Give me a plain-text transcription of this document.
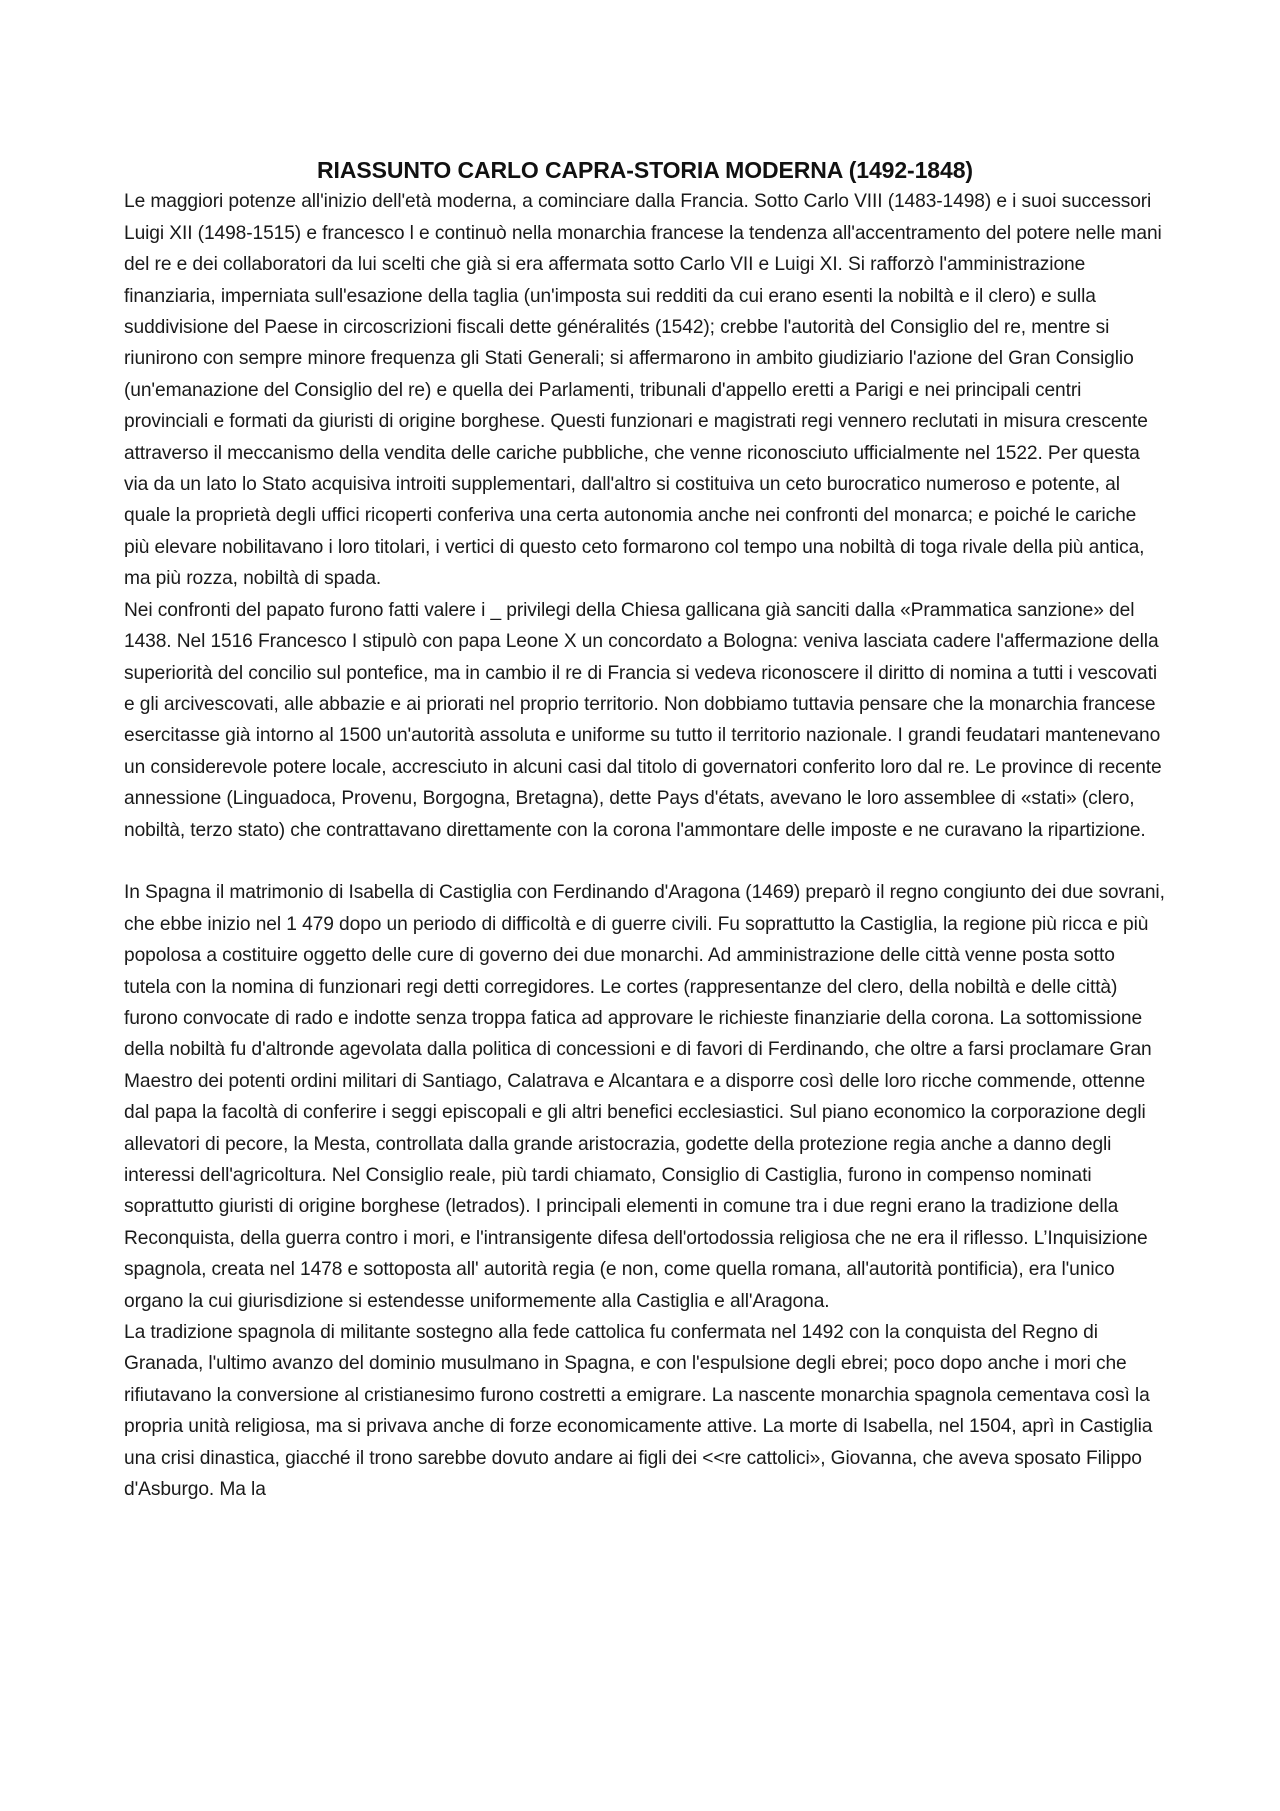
RIASSUNTO CARLO CAPRA-STORIA MODERNA (1492-1848)

Le maggiori potenze all'inizio dell'età moderna, a cominciare dalla Francia. Sotto Carlo VIII (1483-1498) e i suoi successori Luigi XII (1498-1515) e francesco l e continuò nella monarchia francese la tendenza all'accentramento del potere nelle mani del re e dei collaboratori da lui scelti che già si era affermata sotto Carlo VII e Luigi XI. Si rafforzò l'amministrazione finanziaria, imperniata sull'esazione della taglia (un'imposta sui redditi da cui erano esenti la nobiltà e il clero) e sulla suddivisione del Paese in circoscrizioni fiscali dette généralités (1542); crebbe l'autorità del Consiglio del re, mentre si riunirono con sempre minore frequenza gli Stati Generali; si affermarono in ambito giudiziario l'azione del Gran Consiglio (un'emanazione del Consiglio del re) e quella dei Parlamenti, tribunali d'appello eretti a Parigi e nei principali centri provinciali e formati da giuristi di origine borghese. Questi funzionari e magistrati regi vennero reclutati in misura crescente attraverso il meccanismo della vendita delle cariche pubbliche, che venne riconosciuto ufficialmente nel 1522. Per questa via da un lato lo Stato acquisiva introiti supplementari, dall'altro si costituiva un ceto burocratico numeroso e potente, al quale la proprietà degli uffici ricoperti conferiva una certa autonomia anche nei confronti del monarca; e poiché le cariche più elevare nobilitavano i loro titolari, i vertici di questo ceto formarono col tempo una nobiltà di toga rivale della più antica, ma più rozza, nobiltà di spada.

Nei confronti del papato furono fatti valere i _ privilegi della Chiesa gallicana già sanciti dalla «Prammatica sanzione» del 1438. Nel 1516 Francesco I stipulò con papa Leone X un concordato a Bologna: veniva lasciata cadere l'affermazione della superiorità del concilio sul pontefice, ma in cambio il re di Francia si vedeva riconoscere il diritto di nomina a tutti i vescovati e gli arcivescovati, alle abbazie e ai priorati nel proprio territorio. Non dobbiamo tuttavia pensare che la monarchia francese esercitasse già intorno al 1500 un'autorità assoluta e uniforme su tutto il territorio nazionale. I grandi feudatari mantenevano un considerevole potere locale, accresciuto in alcuni casi dal titolo di governatori conferito loro dal re. Le province di recente annessione (Linguadoca, Provenu, Borgogna, Bretagna), dette Pays d'états, avevano le loro assemblee di «stati» (clero, nobiltà, terzo stato) che contrattavano direttamente con la corona l'ammontare delle imposte e ne curavano la ripartizione.

In Spagna il matrimonio di Isabella di Castiglia con Ferdinando d'Aragona (1469) preparò il regno congiunto dei due sovrani, che ebbe inizio nel 1 479 dopo un periodo di difficoltà e di guerre civili. Fu soprattutto la Castiglia, la regione più ricca e più popolosa a costituire oggetto delle cure di governo dei due monarchi. Ad amministrazione delle città venne posta sotto tutela con la nomina di funzionari regi detti corregidores. Le cortes (rappresentanze del clero, della nobiltà e delle città) furono convocate di rado e indotte senza troppa fatica ad approvare le richieste finanziarie della corona. La sottomissione della nobiltà fu d'altronde agevolata dalla politica di concessioni e di favori di Ferdinando, che oltre a farsi proclamare Gran Maestro dei potenti ordini militari di Santiago, Calatrava e Alcantara e a disporre così delle loro ricche commende, ottenne dal papa la facoltà di conferire i seggi episcopali e gli altri benefici ecclesiastici. Sul piano economico la corporazione degli allevatori di pecore, la Mesta, controllata dalla grande aristocrazia, godette della protezione regia anche a danno degli interessi dell'agricoltura. Nel Consiglio reale, più tardi chiamato, Consiglio di Castiglia, furono in compenso nominati soprattutto giuristi di origine borghese (letrados). I principali elementi in comune tra i due regni erano la tradizione della Reconquista, della guerra contro i mori, e l'intransigente difesa dell'ortodossia religiosa che ne era il riflesso. L’Inquisizione spagnola, creata nel 1478 e sottoposta all' autorità regia (e non, come quella romana, all'autorità pontificia), era l'unico organo la cui giurisdizione si estendesse uniformemente alla Castiglia e all'Aragona.

La tradizione spagnola di militante sostegno alla fede cattolica fu confermata nel 1492 con la conquista del Regno di Granada, l'ultimo avanzo del dominio musulmano in Spagna, e con l'espulsione degli ebrei; poco dopo anche i mori che rifiutavano la conversione al cristianesimo furono costretti a emigrare. La nascente monarchia spagnola cementava così la propria unità religiosa, ma si privava anche di forze economicamente attive. La morte di Isabella, nel 1504, aprì in Castiglia una crisi dinastica, giacché il trono sarebbe dovuto andare ai figli dei <<re cattolici», Giovanna, che aveva sposato Filippo d'Asburgo. Ma la
